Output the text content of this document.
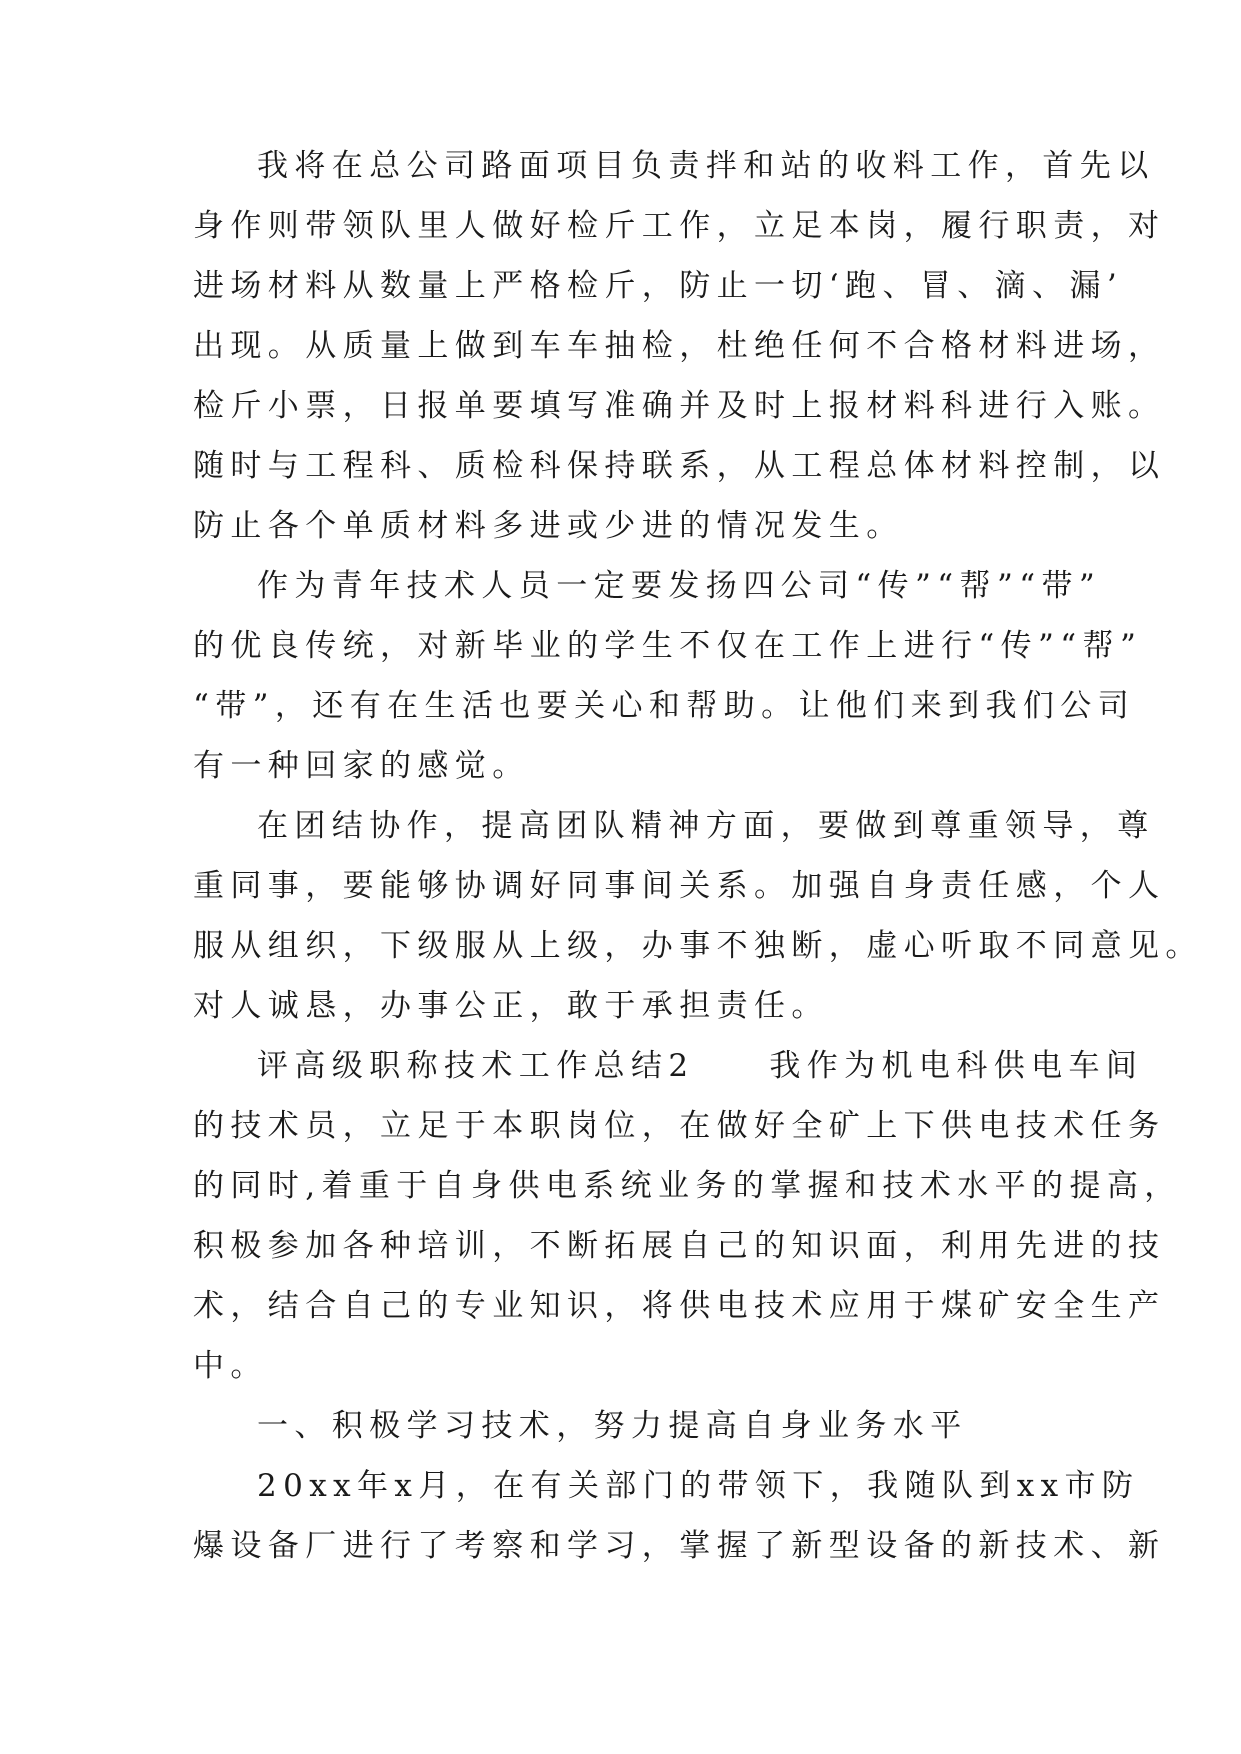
我将在总公司路面项目负责拌和站的收料工作，首先以

身作则带领队里人做好检斤工作，立足本岗，履行职责，对

进场材料从数量上严格检斤，防止一切‘跑、冒、滴、漏’

出现。从质量上做到车车抽检，杜绝任何不合格材料进场，

检斤小票，日报单要填写准确并及时上报材料科进行入账。

随时与工程科、质检科保持联系，从工程总体材料控制，以

防止各个单质材料多进或少进的情况发生。

作为青年技术人员一定要发扬四公司“传”“帮”“带”

的优良传统，对新毕业的学生不仅在工作上进行“传”“帮”

“带”，还有在生活也要关心和帮助。让他们来到我们公司

有一种回家的感觉。

在团结协作，提高团队精神方面，要做到尊重领导，尊

重同事，要能够协调好同事间关系。加强自身责任感，个人

服从组织，下级服从上级，办事不独断，虚心听取不同意见。

对人诚恳，办事公正，敢于承担责任。

评高级职称技术工作总结2　　我作为机电科供电车间

的技术员，立足于本职岗位，在做好全矿上下供电技术任务

的同时,着重于自身供电系统业务的掌握和技术水平的提高，

积极参加各种培训，不断拓展自己的知识面，利用先进的技

术，结合自己的专业知识，将供电技术应用于煤矿安全生产

中。

一、积极学习技术，努力提高自身业务水平

20xx年x月，在有关部门的带领下，我随队到xx市防

爆设备厂进行了考察和学习，掌握了新型设备的新技术、新
